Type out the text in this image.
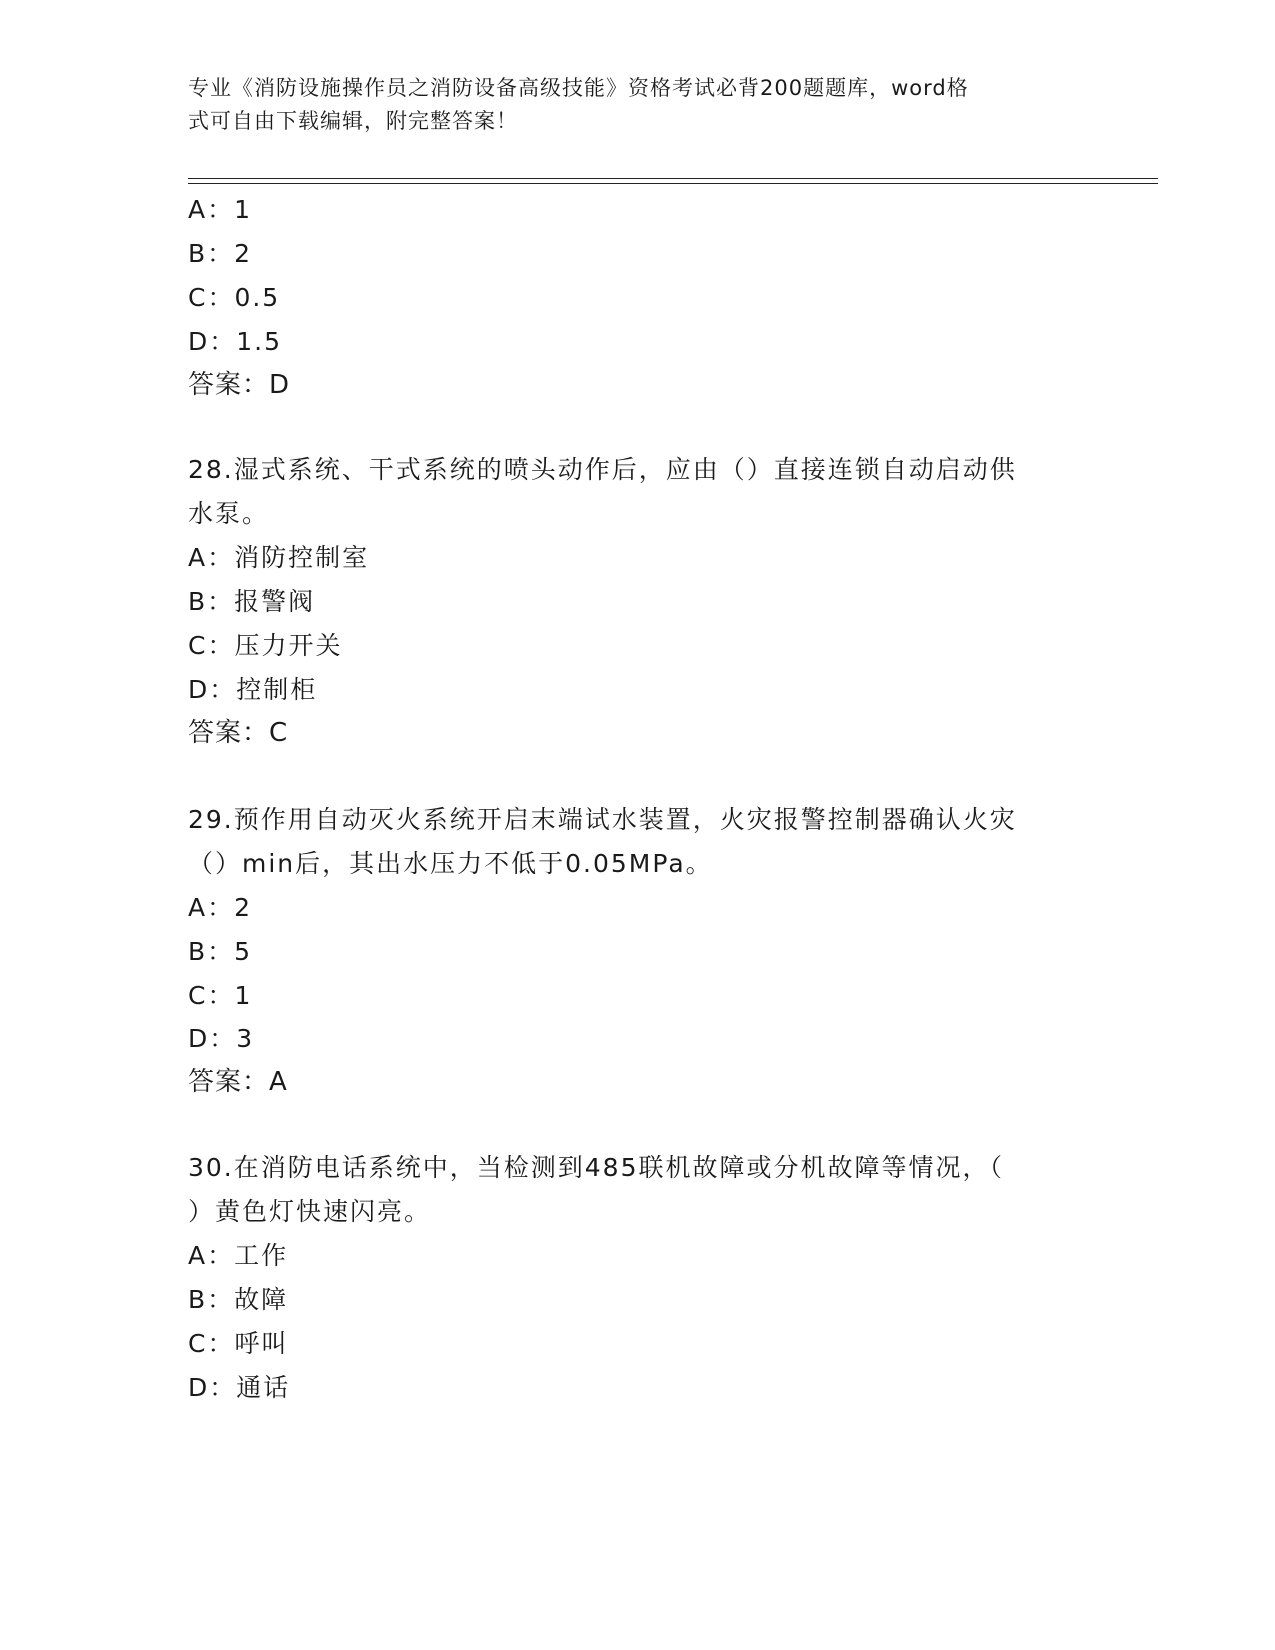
专业《消防设施操作员之消防设备高级技能》资格考试必背200题题库，word格
式可自由下载编辑，附完整答案！
A：1
B：2
C：0.5
D：1.5
答案：D
28.湿式系统、干式系统的喷头动作后，应由（）直接连锁自动启动供
水泵。
A：消防控制室
B：报警阀
C：压力开关
D：控制柜
答案：C
29.预作用自动灭火系统开启末端试水装置，火灾报警控制器确认火灾
（）min后，其出水压力不低于0.05MPa。
A：2
B：5
C：1
D：3
答案：A
30.在消防电话系统中，当检测到485联机故障或分机故障等情况，（
）黄色灯快速闪亮。
A：工作
B：故障
C：呼叫
D：通话
